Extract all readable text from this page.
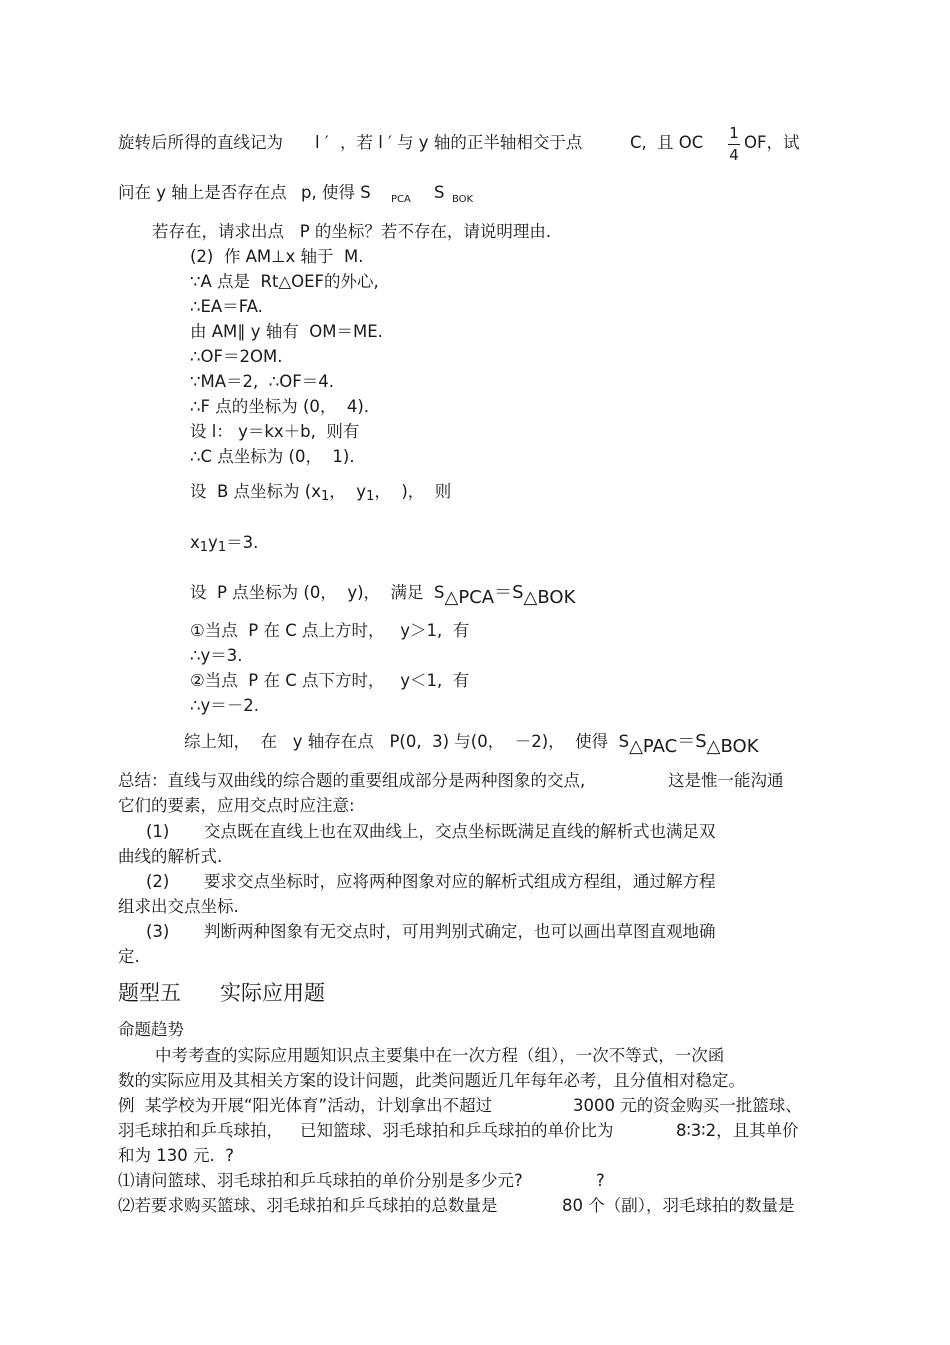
旋转后所得的直线记为 l ′ ，若 l ′ 与 y 轴的正半轴相交于点	C, 且 OC 1
4
OF，试
问在 y 轴上是否存在点 p, 使得 S PCA S BOK
若存在，请求出点   P 的坐标？若不存在，请说明理由.
(2)  作 AM⊥x 轴于  M.
∵A 点是  Rt△OEF的外心,
∴EA＝FA.
由 AM∥ y 轴有  OM＝ME.
∴OF＝2OM.
∵MA＝2,  ∴OF＝4.
∴F 点的坐标为 (0，  4)．
设 l： y＝kx＋b,  则有
∴C 点坐标为 (0，  1)．
设  B 点坐标为 (x1，  y1，  )，  则
x1y1＝3.
设  P 点坐标为 (0，  y)，  满足  S△PCA＝S△BOK
①当点  P 在 C 点上方时，   y＞1,  有
∴y＝3.
②当点  P 在 C 点下方时，   y＜1,  有
∴y＝－2.
综上知，  在   y 轴存在点   P(0,  3) 与(0，  －2)，  使得  S△PAC＝S△BOK
总结：直线与双曲线的综合题的重要组成部分是两种图象的交点,	这是惟一能沟通
它们的要素，应用交点时应注意:
(1) 交点既在直线上也在双曲线上，交点坐标既满足直线的解析式也满足双
曲线的解析式.
(2) 要求交点坐标时，应将两种图象对应的解析式组成方程组，通过解方程
组求出交点坐标.
(3) 判断两种图象有无交点时，可用判别式确定，也可以画出草图直观地确
定.
题型五 实际应用题
命题趋势
中考考查的实际应用题知识点主要集中在一次方程（组），一次不等式，一次函
数的实际应用及其相关方案的设计问题，此类问题近几年每年必考，且分值相对稳定。
例  某学校为开展“阳光体育”活动，计划拿出不超过	3000 元的资金购买一批篮球、
羽毛球拍和乒乓球拍， 已知篮球、羽毛球拍和乒乓球拍的单价比为	8∶3∶2，且其单价
和为 130 元.  ?
⑴请问篮球、羽毛球拍和乒乓球拍的单价分别是多少元?	?
⑵若要求购买篮球、羽毛球拍和乒乓球拍的总数量是	80 个（副），羽毛球拍的数量是
